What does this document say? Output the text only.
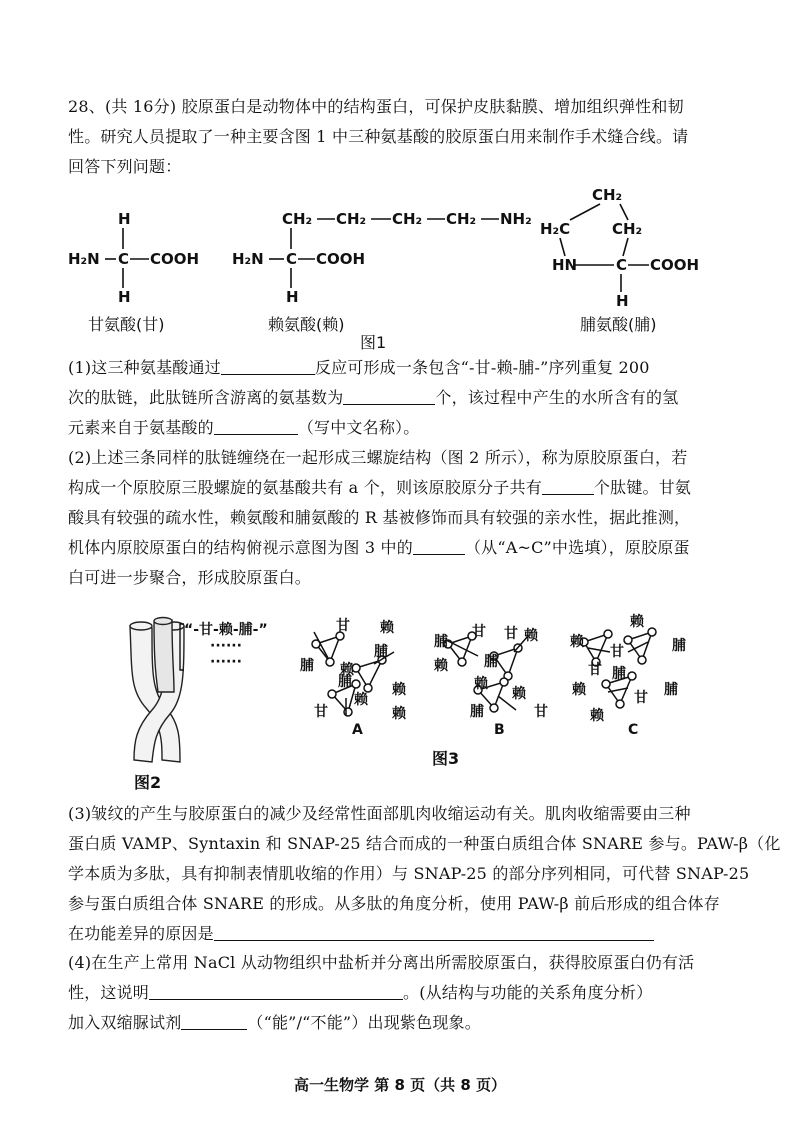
28、(共 16分) 胶原蛋白是动物体中的结构蛋白，可保护皮肤黏膜、增加组织弹性和韧
性。研究人员提取了一种主要含图 1 中三种氨基酸的胶原蛋白用来制作手术缝合线。请
回答下列问题：
H
H₂N C COOH
H
CH₂ CH₂ CH₂ CH₂ NH₂
H₂N C COOH
H
CH₂
H₂C	CH₂
HN	C COOH
H
甘氨酸(甘)	赖氨酸(赖)	脯氨酸(脯)
图1
(1)这三种氨基酸通过	反应可形成一条包含“-甘-赖-脯-”序列重复 200
次的肽链，此肽链所含游离的氨基数为	个，该过程中产生的水所含有的氢
元素来自于氨基酸的	（写中文名称）。
(2)上述三条同样的肽链缠绕在一起形成三螺旋结构（图 2 所示），称为原胶原蛋白，若
构成一个原胶原三股螺旋的氨基酸共有 a 个，则该原胶原分子共有	个肽键。甘氨
酸具有较强的疏水性，赖氨酸和脯氨酸的 R 基被修饰而具有较强的亲水性，据此推测，
机体内原胶原蛋白的结构俯视示意图为图 3 中的	（从“A~C”中选填），原胶原蛋
白可进一步聚合，形成胶原蛋白。
“-甘-赖-脯-”
······
······
图2
甘 赖
脯
脯
赖
脯	赖
甘
赖
赖
A
脯
甘
赖	脯
赖
甘
赖
脯	甘
赖
B
赖
赖
甘
甘	脯
赖
脯
脯
赖
甘
C
图3
(3)皱纹的产生与胶原蛋白的减少及经常性面部肌肉收缩运动有关。肌肉收缩需要由三种
蛋白质 VAMP、Syntaxin 和 SNAP-25 结合而成的一种蛋白质组合体 SNARE 参与。PAW-β（化
学本质为多肽，具有抑制表情肌收缩的作用）与 SNAP-25 的部分序列相同，可代替 SNAP-25
参与蛋白质组合体 SNARE 的形成。从多肽的角度分析，使用 PAW-β 前后形成的组合体存
在功能差异的原因是
(4)在生产上常用 NaCl 从动物组织中盐析并分离出所需胶原蛋白，获得胶原蛋白仍有活
性，这说明	。(从结构与功能的关系角度分析）
加入双缩脲试剂	（“能”/“不能”）出现紫色现象。
高一生物学 第 8 页（共 8 页）
